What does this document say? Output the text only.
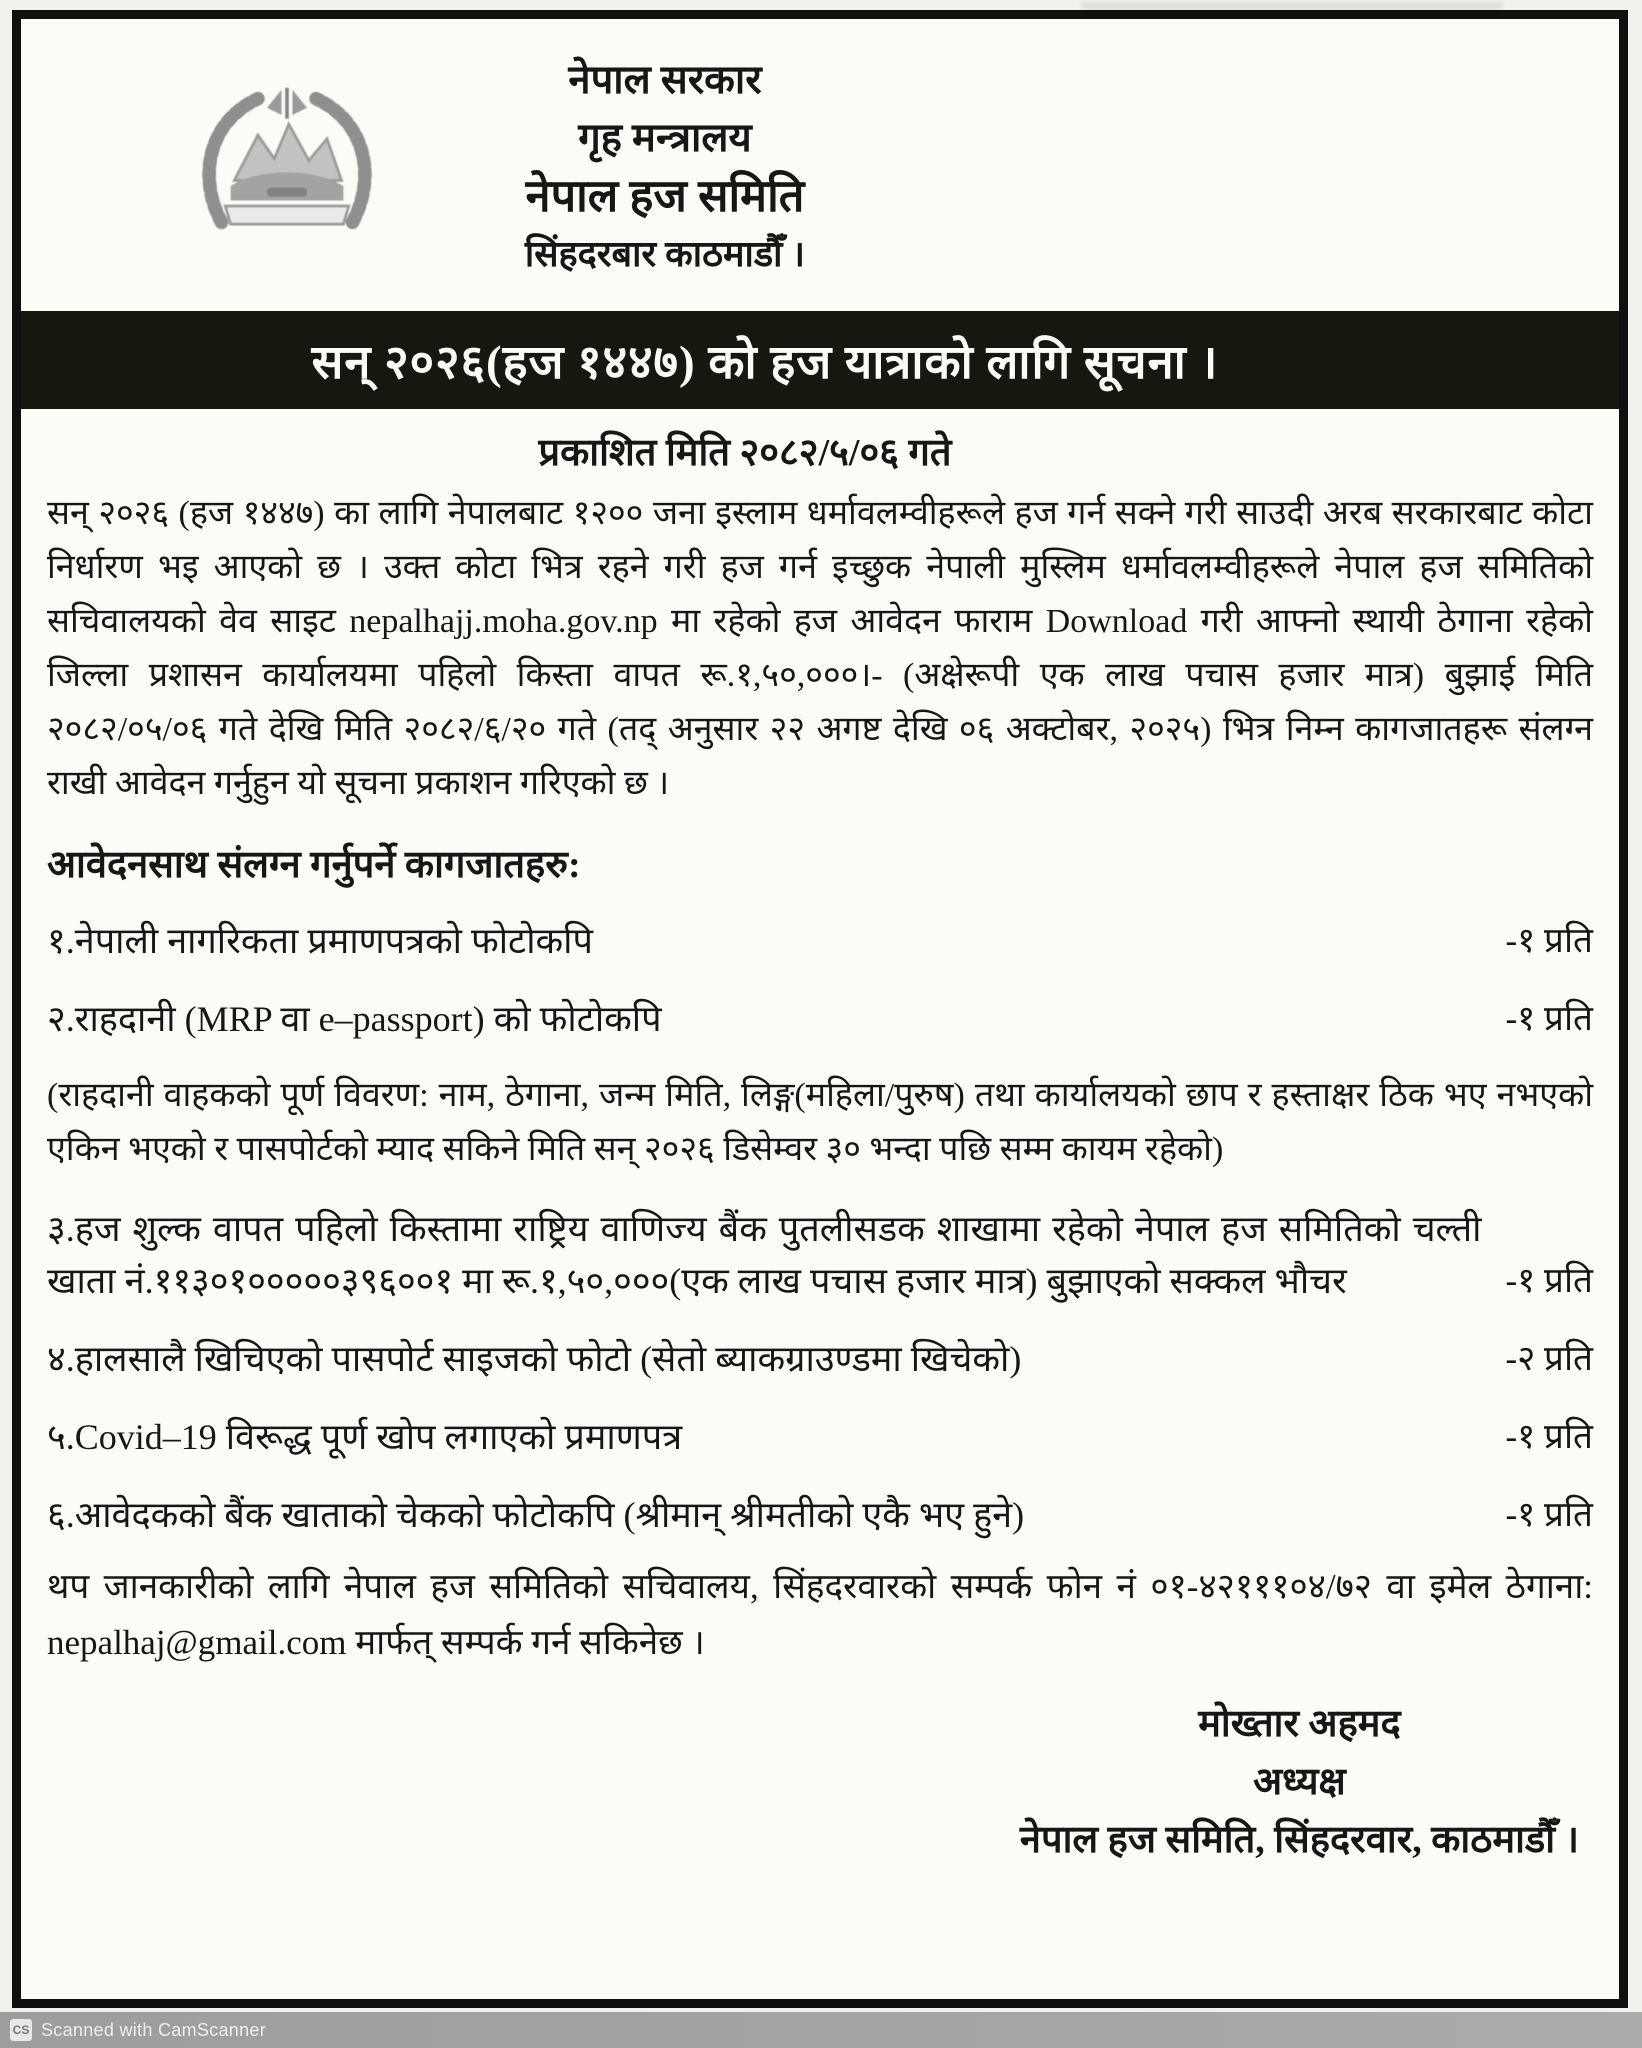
नेपाल सरकार
गृह मन्त्रालय
नेपाल हज समिति
सिंहदरबार काठमाडौँ ।
सन् २०२६(हज १४४७) को हज यात्राको लागि सूचना ।
प्रकाशित मिति २०८२/५/०६ गते

सन् २०२६ (हज १४४७) का लागि नेपालबाट १२०० जना इस्लाम धर्मावलम्वीहरूले हज गर्न सक्ने गरी साउदी अरब सरकारबाट कोटा निर्धारण भइ आएको छ । उक्त कोटा भित्र रहने गरी हज गर्न इच्छुक नेपाली मुस्लिम धर्मावलम्वीहरूले नेपाल हज समितिको सचिवालयको वेव साइट nepalhajj.moha.gov.np मा रहेको हज आवेदन फाराम Download गरी आफ्नो स्थायी ठेगाना रहेको जिल्ला प्रशासन कार्यालयमा पहिलो किस्ता वापत रू.१,५०,०००।- (अक्षेरूपी एक लाख पचास हजार मात्र) बुझाई मिति २०८२/०५/०६ गते देखि मिति २०८२/६/२० गते (तद् अनुसार २२ अगष्ट देखि ०६ अक्टोबर, २०२५) भित्र निम्न कागजातहरू संलग्न राखी आवेदन गर्नुहुन यो सूचना प्रकाशन गरिएको छ ।

आवेदनसाथ संलग्न गर्नुपर्ने कागजातहरु:
१.नेपाली नागरिकता प्रमाणपत्रको फोटोकपि	-१ प्रति
२.राहदानी (MRP वा e–passport) को फोटोकपि	-१ प्रति

(राहदानी वाहकको पूर्ण विवरण: नाम, ठेगाना, जन्म मिति, लिङ्ग(महिला/पुरुष) तथा कार्यालयको छाप र हस्ताक्षर ठिक भए नभएको एकिन भएको र पासपोर्टको म्याद सकिने मिति सन् २०२६ डिसेम्वर ३० भन्दा पछि सम्म कायम रहेको)

३.हज शुल्क वापत पहिलो किस्तामा राष्ट्रिय वाणिज्य बैंक पुतलीसडक शाखामा रहेको नेपाल हज समितिको चल्ती खाता नं.११३०१०००००३९६००१ मा रू.१,५०,०००(एक लाख पचास हजार मात्र) बुझाएको सक्कल भौचर	-१ प्रति
४.हालसालै खिचिएको पासपोर्ट साइजको फोटो (सेतो ब्याकग्राउण्डमा खिचेको)	-२ प्रति
५.Covid–19 विरूद्ध पूर्ण खोप लगाएको प्रमाणपत्र	-१ प्रति
६.आवेदकको बैंक खाताको चेकको फोटोकपि (श्रीमान् श्रीमतीको एकै भए हुने)	-१ प्रति

थप जानकारीको लागि नेपाल हज समितिको सचिवालय, सिंहदरवारको सम्पर्क फोन नं ०१-४२१११०४/७२ वा इमेल ठेगाना: nepalhaj@gmail.com मार्फत् सम्पर्क गर्न सकिनेछ ।

मोख्तार अहमद
अध्यक्ष
नेपाल हज समिति, सिंहदरवार, काठमाडौँ ।
CS Scanned with CamScanner
